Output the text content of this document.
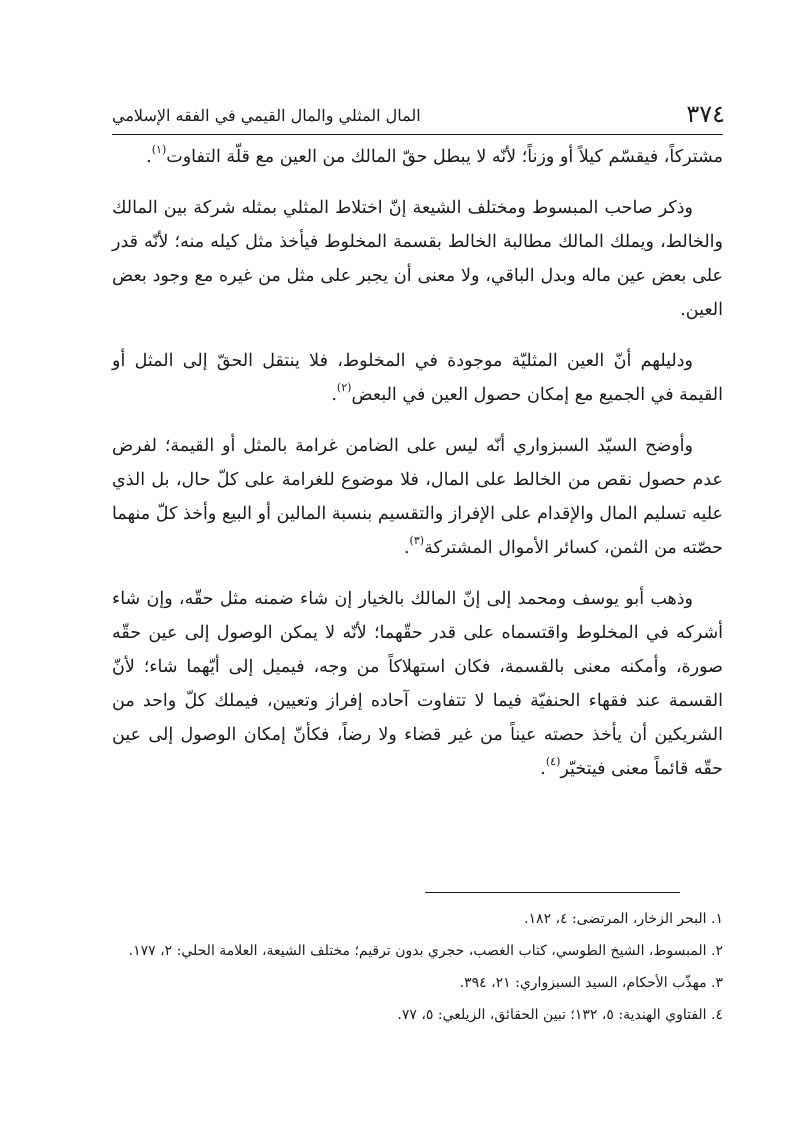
٣٧٤
المال المثلي والمال القيمي في الفقه الإسلامي

مشتركاً، فيقسّم كيلاً أو وزناً؛ لأنّه لا يبطل حقّ المالك من العين مع قلّة التفاوت$^{(١)}$.

وذكر صاحب المبسوط ومختلف الشيعة إنّ اختلاط المثلي بمثله شركة بين المالك والخالط، ويملك المالك مطالبة الخالط بقسمة المخلوط فيأخذ مثل كيله منه؛ لأنّه قدر على بعض عين ماله وبدل الباقي، ولا معنى أن يجبر على مثل من غيره مع وجود بعض العين.

ودليلهم أنّ العين المثليّة موجودة في المخلوط، فلا ينتقل الحقّ إلى المثل أو القيمة في الجميع مع إمكان حصول العين في البعض$^{(٢)}$.

وأوضح السيّد السبزواري أنّه ليس على الضامن غرامة بالمثل أو القيمة؛ لفرض عدم حصول نقص من الخالط على المال، فلا موضوع للغرامة على كلّ حال، بل الذي عليه تسليم المال والإقدام على الإفراز والتقسيم بنسبة المالين أو البيع وأخذ كلّ منهما حصّته من الثمن، كسائر الأموال المشتركة$^{(٣)}$.

وذهب أبو يوسف ومحمد إلى إنّ المالك بالخيار إن شاء ضمنه مثل حقّه، وإن شاء أشركه في المخلوط واقتسماه على قدر حقّهما؛ لأنّه لا يمكن الوصول إلى عين حقّه صورة، وأمكنه معنى بالقسمة، فكان استهلاكاً من وجه، فيميل إلى أيّهما شاء؛ لأنّ القسمة عند فقهاء الحنفيّة فيما لا تتفاوت آحاده إفراز وتعيين، فيملك كلّ واحد من الشريكين أن يأخذ حصته عيناً من غير قضاء ولا رضاً، فكأنّ إمكان الوصول إلى عين حقّه قائماً معنى فيتخيّر$^{(٤)}$.

١. البحر الزخار، المرتضى: ٤، ١٨٢.

٢. المبسوط، الشيخ الطوسي، كتاب الغصب، حجري بدون ترقيم؛ مختلف الشيعة، العلامة الحلي: ٢، ١٧٧.

٣. مهذّب الأحكام، السيد السبزواري: ٢١، ٣٩٤.

٤. الفتاوي الهندية: ٥، ١٣٢؛ تبين الحقائق، الزيلعي: ٥، ٧٧.
